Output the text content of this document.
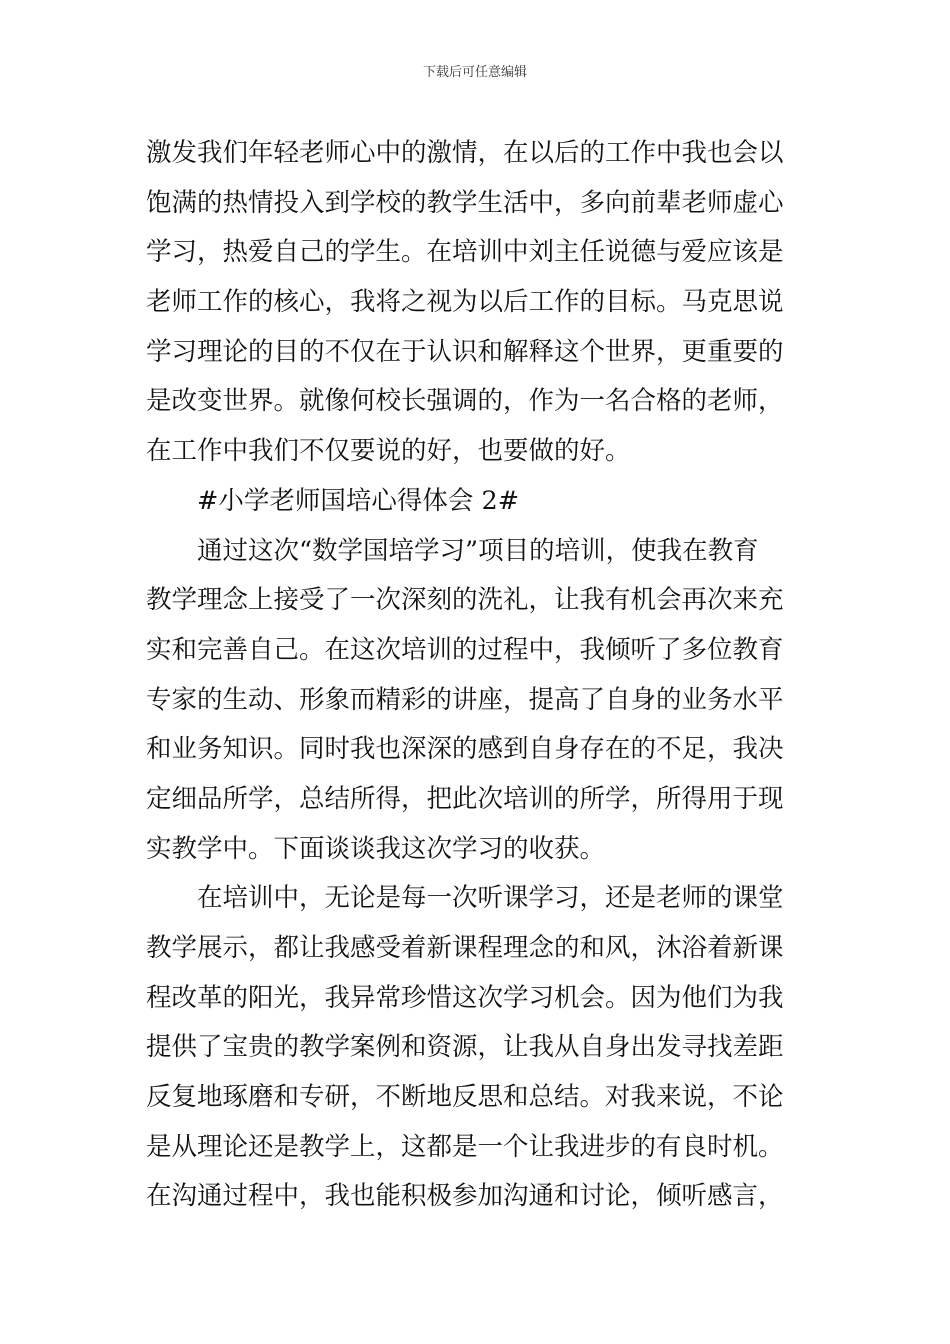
下载后可任意编辑
激发我们年轻老师心中的激情，在以后的工作中我也会以
饱满的热情投入到学校的教学生活中，多向前辈老师虚心
学习，热爱自己的学生。在培训中刘主任说德与爱应该是
老师工作的核心，我将之视为以后工作的目标。马克思说
学习理论的目的不仅在于认识和解释这个世界，更重要的
是改变世界。就像何校长强调的，作为一名合格的老师，
在工作中我们不仅要说的好，也要做的好。
#小学老师国培心得体会 2#
通过这次“数学国培学习”项目的培训，使我在教育
教学理念上接受了一次深刻的洗礼，让我有机会再次来充
实和完善自己。在这次培训的过程中，我倾听了多位教育
专家的生动、形象而精彩的讲座，提高了自身的业务水平
和业务知识。同时我也深深的感到自身存在的不足，我决
定细品所学，总结所得，把此次培训的所学，所得用于现
实教学中。下面谈谈我这次学习的收获。
在培训中，无论是每一次听课学习，还是老师的课堂
教学展示，都让我感受着新课程理念的和风，沐浴着新课
程改革的阳光，我异常珍惜这次学习机会。因为他们为我
提供了宝贵的教学案例和资源，让我从自身出发寻找差距
反复地琢磨和专研，不断地反思和总结。对我来说，不论
是从理论还是教学上，这都是一个让我进步的有良时机。
在沟通过程中，我也能积极参加沟通和讨论，倾听感言，
